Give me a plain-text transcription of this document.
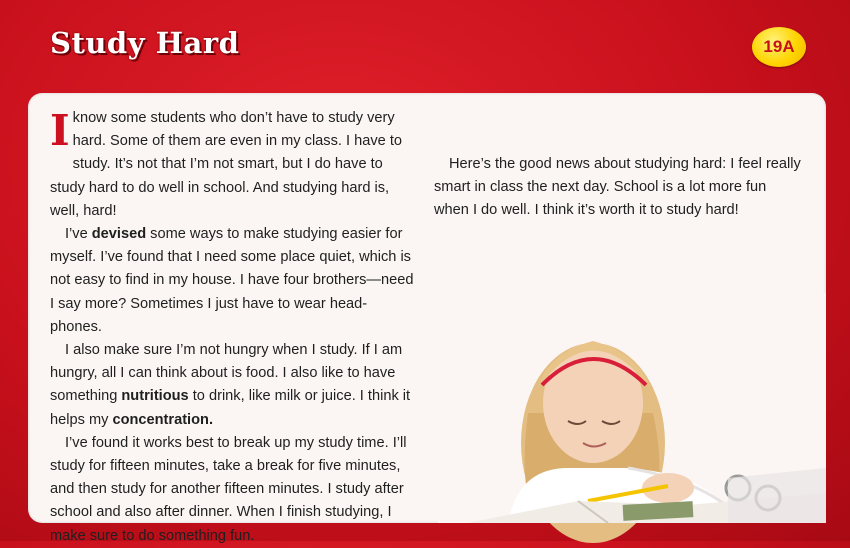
Study Hard	19A

I know some students who don’t have to study very hard. Some of them are even in my class. I have to study. It’s not that I’m not smart, but I do have to study hard to do well in school. And studying hard is, well, hard!

I’ve devised some ways to make studying easier for myself. I’ve found that I need some place quiet, which is not easy to find in my house. I have four brothers—need I say more? Sometimes I just have to wear head-phones.

I also make sure I’m not hungry when I study. If I am hungry, all I can think about is food. I also like to have something nutritious to drink, like milk or juice. I think it helps my concentration.

I’ve found it works best to break up my study time. I’ll study for fifteen minutes, take a break for five minutes, and then study for another fifteen minutes. I study after school and also after dinner. When I finish studying, I make sure to do something fun.

Here’s the good news about studying hard: I feel really smart in class the next day. School is a lot more fun when I do well. I think it’s worth it to study hard!
